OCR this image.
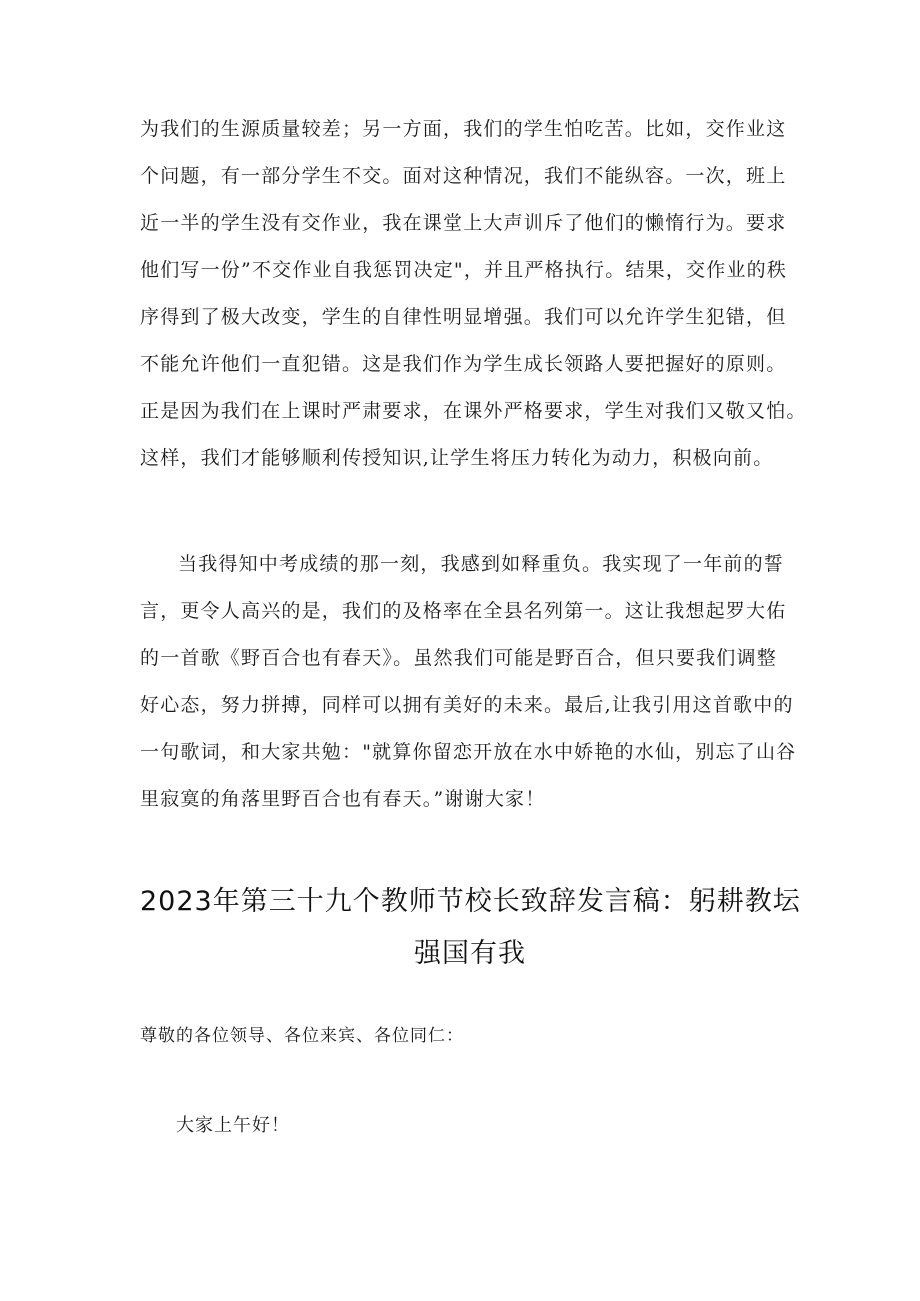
为我们的生源质量较差；另一方面，我们的学生怕吃苦。比如，交作业这
个问题，有一部分学生不交。面对这种情况，我们不能纵容。一次，班上
近一半的学生没有交作业，我在课堂上大声训斥了他们的懒惰行为。要求
他们写一份”不交作业自我惩罚决定"，并且严格执行。结果，交作业的秩
序得到了极大改变，学生的自律性明显增强。我们可以允许学生犯错，但
不能允许他们一直犯错。这是我们作为学生成长领路人要把握好的原则。
正是因为我们在上课时严肃要求，在课外严格要求，学生对我们又敬又怕。
这样，我们才能够顺利传授知识,让学生将压力转化为动力，积极向前。
当我得知中考成绩的那一刻，我感到如释重负。我实现了一年前的誓
言，更令人高兴的是，我们的及格率在全县名列第一。这让我想起罗大佑
的一首歌《野百合也有春天》。虽然我们可能是野百合，但只要我们调整
好心态，努力拼搏，同样可以拥有美好的未来。最后,让我引用这首歌中的
一句歌词，和大家共勉："就算你留恋开放在水中娇艳的水仙，别忘了山谷
里寂寞的角落里野百合也有春天。”谢谢大家！
2023年第三十九个教师节校长致辞发言稿：躬耕教坛
强国有我
尊敬的各位领导、各位来宾、各位同仁：
大家上午好！
